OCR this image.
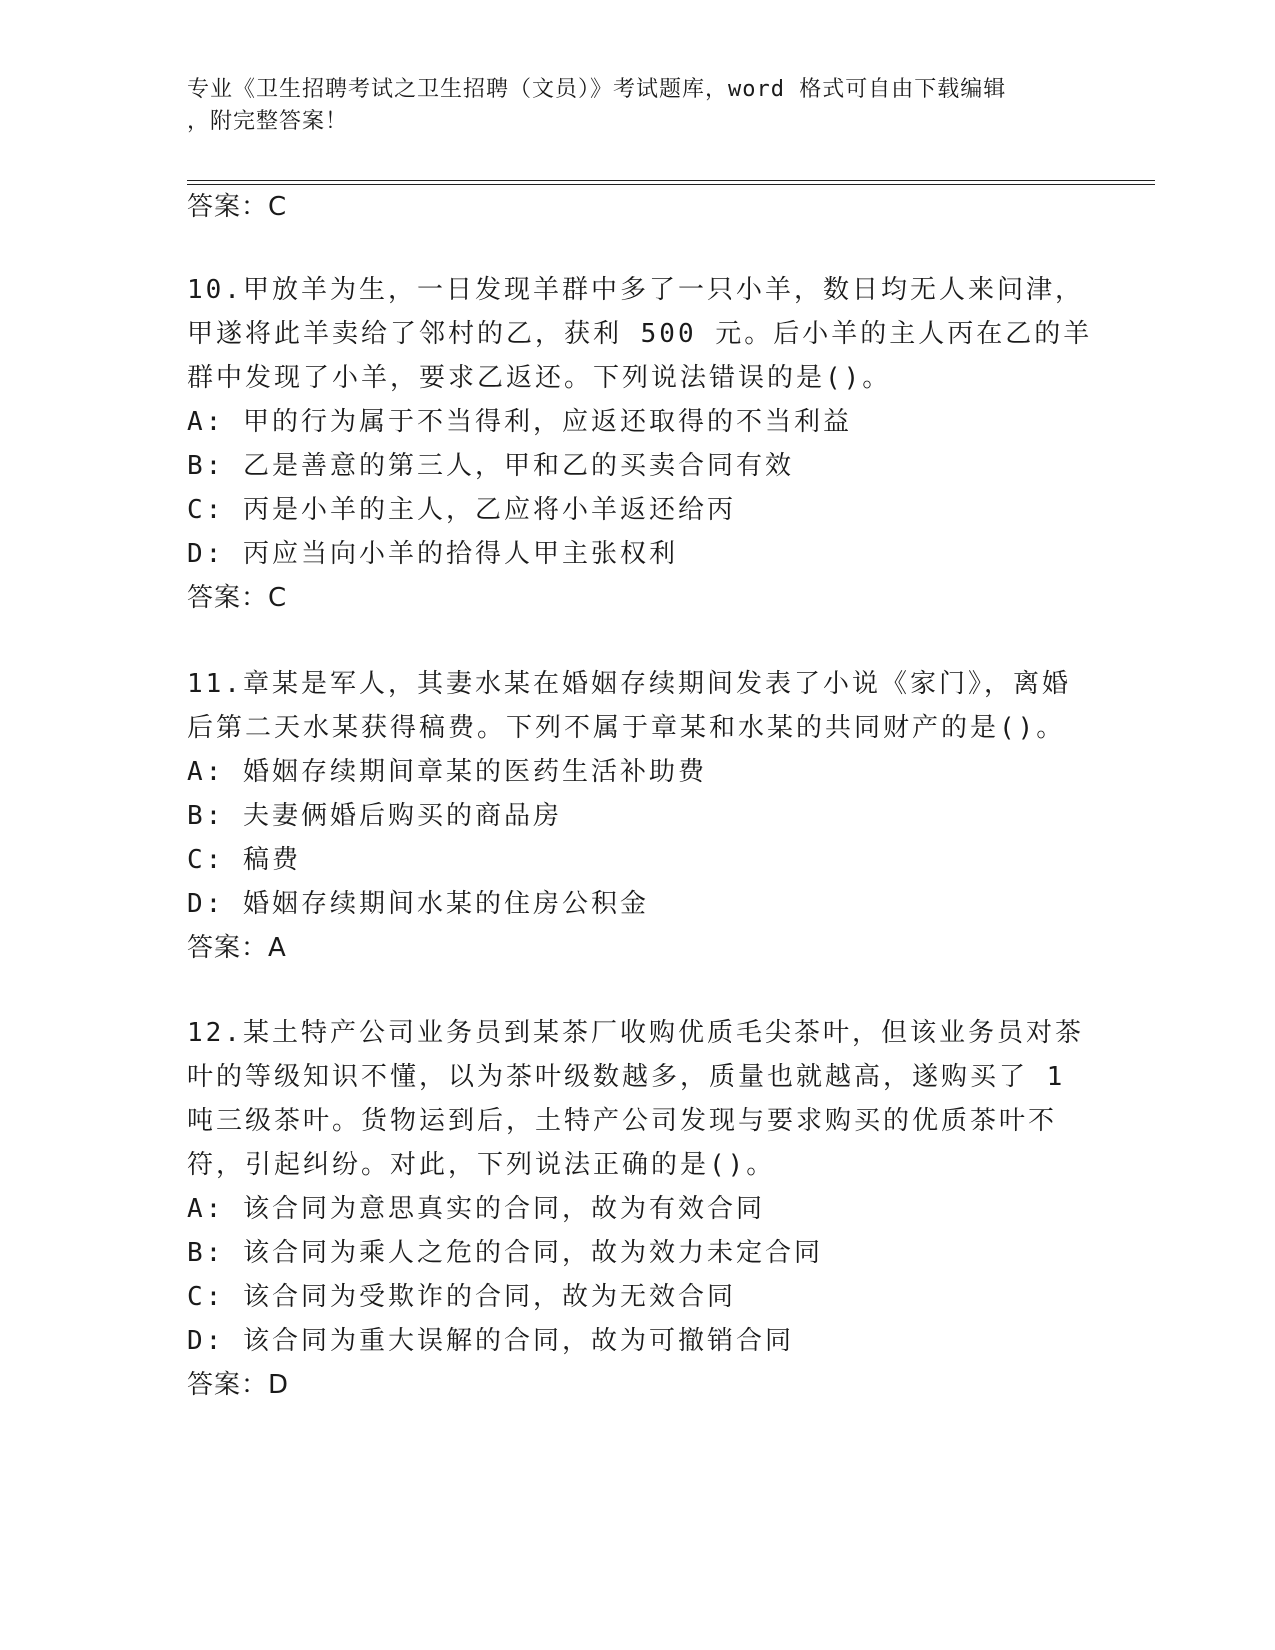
专业《卫生招聘考试之卫生招聘（文员）》考试题库，word 格式可自由下载编辑
，附完整答案！
答案：C
10.甲放羊为生，一日发现羊群中多了一只小羊，数日均无人来问津，
甲遂将此羊卖给了邻村的乙，获利 500 元。后小羊的主人丙在乙的羊
群中发现了小羊，要求乙返还。下列说法错误的是()。
A: 甲的行为属于不当得利，应返还取得的不当利益
B: 乙是善意的第三人，甲和乙的买卖合同有效
C: 丙是小羊的主人，乙应将小羊返还给丙
D: 丙应当向小羊的拾得人甲主张权利
答案：C
11.章某是军人，其妻水某在婚姻存续期间发表了小说《家门》，离婚
后第二天水某获得稿费。下列不属于章某和水某的共同财产的是()。
A: 婚姻存续期间章某的医药生活补助费
B: 夫妻俩婚后购买的商品房
C: 稿费
D: 婚姻存续期间水某的住房公积金
答案：A
12.某土特产公司业务员到某茶厂收购优质毛尖茶叶，但该业务员对茶
叶的等级知识不懂，以为茶叶级数越多，质量也就越高，遂购买了 1
吨三级茶叶。货物运到后，土特产公司发现与要求购买的优质茶叶不
符，引起纠纷。对此，下列说法正确的是()。
A: 该合同为意思真实的合同，故为有效合同
B: 该合同为乘人之危的合同，故为效力未定合同
C: 该合同为受欺诈的合同，故为无效合同
D: 该合同为重大误解的合同，故为可撤销合同
答案：D
